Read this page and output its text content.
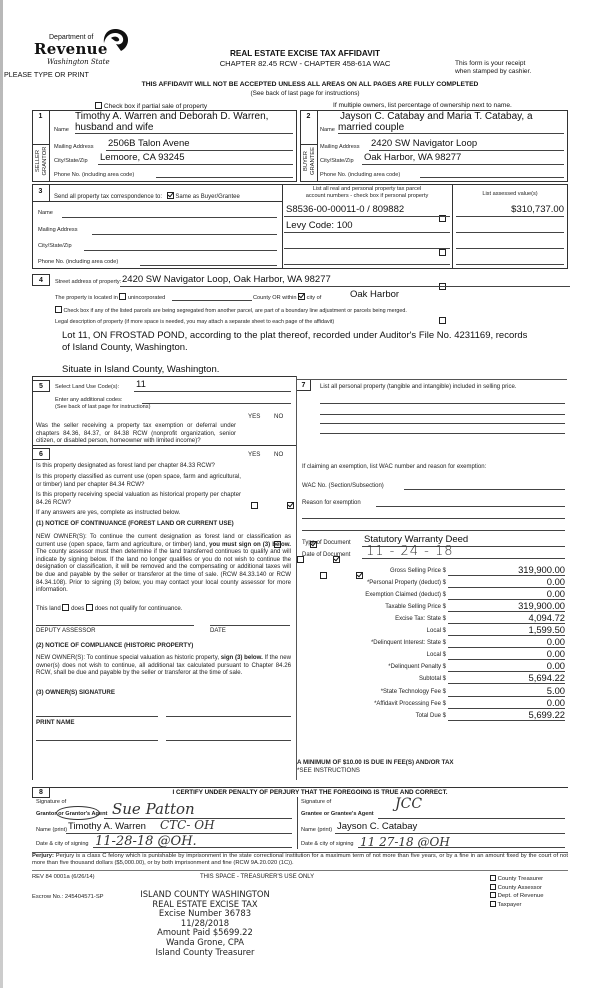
Department of
Revenue
Washington State
PLEASE TYPE OR PRINT
REAL ESTATE EXCISE TAX AFFIDAVIT
CHAPTER 82.45 RCW - CHAPTER 458-61A WAC	This form is your receipt
when stamped by cashier.
THIS AFFIDAVIT WILL NOT BE ACCEPTED UNLESS ALL AREAS ON ALL PAGES ARE FULLY COMPLETED
(See back of last page for instructions)
Check box if partial sale of property	If multiple owners, list percentage of ownership next to name.
1
SELLER GRANTOR
Timothy A. Warren and Deborah D. Warren,
Name husband and wife
Mailing Address 2506B Talon Avene
City/State/Zip Lemoore, CA 93245
Phone No. (including area code)
2
BUYER GRANTEE
Jayson C. Catabay and Maria T. Catabay, a
Name married couple
Mailing Address 2420 SW Navigator Loop
City/State/Zip Oak Harbor, WA 98277
Phone No. (including area code)
3
Send all property tax correspondence to: Same as Buyer/Grantee
Name
Mailing Address
City/State/Zip
Phone No. (including area code)
List all real and personal property tax parcel
account numbers - check box if personal property	List assessed value(s)
S8536-00-00011-0 / 809882	$310,737.00
Levy Code: 100
4	Street address of property: 2420 SW Navigator Loop, Oak Harbor, WA 98277
The property is located in unincorporated	County OR within city of	Oak Harbor
Check box if any of the listed parcels are being segregated from another parcel, are part of a boundary line adjustment or parcels being merged.
Legal description of property (if more space is needed, you may attach a separate sheet to each page of the affidavit)
Lot 11, ON FROSTAD POND, according to the plat thereof, recorded under Auditor's File No. 4231169, records
of Island County, Washington.
Situate in Island County, Washington.
5	Select Land Use Code(s): 11
Enter any additional codes:
(See back of last page for instructions)
YES NO
Was the seller receiving a property tax exemption or deferral under chapters 84.36, 84.37, or 84.38 RCW (nonprofit organization, senior citizen, or disabled person, homeowner with limited income)?

6	YES NO
Is this property designated as forest land per chapter 84.33 RCW?

Is this property classified as current use (open space, farm and agricultural, or timber) land per chapter 84.34 RCW?

Is this property receiving special valuation as historical property per chapter 84.26 RCW?

If any answers are yes, complete as instructed below.
(1) NOTICE OF CONTINUANCE (FOREST LAND OR CURRENT USE)
NEW OWNER(S): To continue the current designation as forest land or classification as current use (open space, farm and agriculture, or timber) land, you must sign on (3) below. The county assessor must then determine if the land transferred continues to qualify and will indicate by signing below. If the land no longer qualifies or you do not wish to continue the designation or classification, it will be removed and the compensating or additional taxes will be due and payable by the seller or transferor at the time of sale. (RCW 84.33.140 or RCW 84.34.108). Prior to signing (3) below, you may contact your local county assessor for more information.
This land does does not qualify for continuance.
DEPUTY ASSESSOR	DATE
(2) NOTICE OF COMPLIANCE (HISTORIC PROPERTY)
NEW OWNER(S): To continue special valuation as historic property, sign (3) below. If the new owner(s) does not wish to continue, all additional tax calculated pursuant to Chapter 84.26 RCW, shall be due and payable by the seller or transferor at the time of sale.
(3) OWNER(S) SIGNATURE
PRINT NAME
7	List all personal property (tangible and intangible) included in selling price.
If claiming an exemption, list WAC number and reason for exemption:
WAC No. (Section/Subsection)
Reason for exemption
Type of Document Statutory Warranty Deed
Date of Document 11 - 24 - 18
Gross Selling Price $	319,900.00
*Personal Property (deduct) $	0.00
Exemption Claimed (deduct) $	0.00
Taxable Selling Price $	319,900.00
Excise Tax: State $	4,094.72
Local $	1,599.50
*Delinquent Interest: State $	0.00
Local $	0.00
*Delinquent Penalty $	0.00
Subtotal $	5,694.22
*State Technology Fee $	5.00
*Affidavit Processing Fee $	0.00
Total Due $	5,699.22
A MINIMUM OF $10.00 IS DUE IN FEE(S) AND/OR TAX
*SEE INSTRUCTIONS
8	I CERTIFY UNDER PENALTY OF PERJURY THAT THE FOREGOING IS TRUE AND CORRECT.
Signature of
Grantor or Grantor's Agent Sue Patton
Name (print) Timothy A. Warren CTC- OH
Date & city of signing 11-28-18 @OH.
Signature of
Grantee or Grantee's Agent
JCC
Name (print) Jayson C. Catabay
Date & city of signing 11 27-18 @OH
Perjury: Perjury is a class C felony which is punishable by imprisonment in the state correctional institution for a maximum term of not more than five years, or by a fine in an amount fixed by the court of not more than five thousand dollars ($5,000.00), or by both imprisonment and fine (RCW 9A.20.020 (1C)).
REV 84 0001a (6/26/14)	THIS SPACE - TREASURER'S USE ONLY
Escrow No.: 245404571-SP	ISLAND COUNTY WASHINGTON
REAL ESTATE EXCISE TAX
Excise Number 36783
11/28/2018
Amount Paid $5699.22
Wanda Grone, CPA
Island County Treasurer
County Treasurer
County Assessor
Dept. of Revenue
Taxpayer
